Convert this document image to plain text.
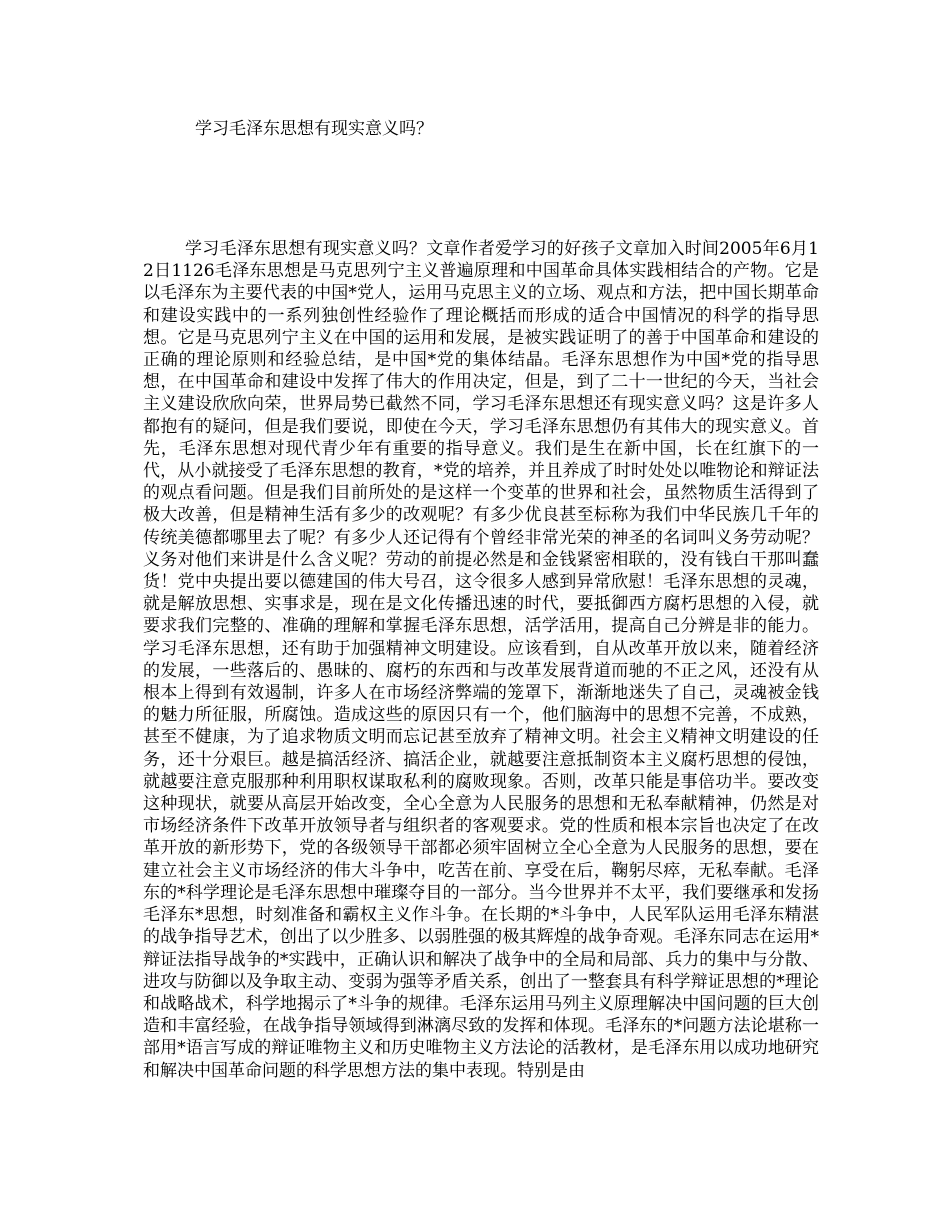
学习毛泽东思想有现实意义吗？

学习毛泽东思想有现实意义吗？文章作者爱学习的好孩子文章加入时间2005年6月12日1126毛泽东思想是马克思列宁主义普遍原理和中国革命具体实践相结合的产物。它是以毛泽东为主要代表的中国*党人，运用马克思主义的立场、观点和方法，把中国长期革命和建设实践中的一系列独创性经验作了理论概括而形成的适合中国情况的科学的指导思想。它是马克思列宁主义在中国的运用和发展，是被实践证明了的善于中国革命和建设的正确的理论原则和经验总结，是中国*党的集体结晶。毛泽东思想作为中国*党的指导思想，在中国革命和建设中发挥了伟大的作用决定，但是，到了二十一世纪的今天，当社会主义建设欣欣向荣，世界局势已截然不同，学习毛泽东思想还有现实意义吗？这是许多人都抱有的疑问，但是我们要说，即使在今天，学习毛泽东思想仍有其伟大的现实意义。首先，毛泽东思想对现代青少年有重要的指导意义。我们是生在新中国，长在红旗下的一代，从小就接受了毛泽东思想的教育，*党的培养，并且养成了时时处处以唯物论和辩证法的观点看问题。但是我们目前所处的是这样一个变革的世界和社会，虽然物质生活得到了极大改善，但是精神生活有多少的改观呢？有多少优良甚至标称为我们中华民族几千年的传统美德都哪里去了呢？有多少人还记得有个曾经非常光荣的神圣的名词叫义务劳动呢？义务对他们来讲是什么含义呢？劳动的前提必然是和金钱紧密相联的，没有钱白干那叫蠢货！党中央提出要以德建国的伟大号召，这令很多人感到异常欣慰！毛泽东思想的灵魂，就是解放思想、实事求是，现在是文化传播迅速的时代，要抵御西方腐朽思想的入侵，就要求我们完整的、准确的理解和掌握毛泽东思想，活学活用，提高自己分辨是非的能力。学习毛泽东思想，还有助于加强精神文明建设。应该看到，自从改革开放以来，随着经济的发展，一些落后的、愚昧的、腐朽的东西和与改革发展背道而驰的不正之风，还没有从根本上得到有效遏制，许多人在市场经济弊端的笼罩下，渐渐地迷失了自己，灵魂被金钱的魅力所征服，所腐蚀。造成这些的原因只有一个，他们脑海中的思想不完善，不成熟，甚至不健康，为了追求物质文明而忘记甚至放弃了精神文明。社会主义精神文明建设的任务，还十分艰巨。越是搞活经济、搞活企业，就越要注意抵制资本主义腐朽思想的侵蚀，就越要注意克服那种利用职权谋取私利的腐败现象。否则，改革只能是事倍功半。要改变这种现状，就要从高层开始改变，全心全意为人民服务的思想和无私奉献精神，仍然是对市场经济条件下改革开放领导者与组织者的客观要求。党的性质和根本宗旨也决定了在改革开放的新形势下，党的各级领导干部都必须牢固树立全心全意为人民服务的思想，要在建立社会主义市场经济的伟大斗争中，吃苦在前、享受在后，鞠躬尽瘁，无私奉献。毛泽东的*科学理论是毛泽东思想中璀璨夺目的一部分。当今世界并不太平，我们要继承和发扬毛泽东*思想，时刻准备和霸权主义作斗争。在长期的*斗争中，人民军队运用毛泽东精湛的战争指导艺术，创出了以少胜多、以弱胜强的极其辉煌的战争奇观。毛泽东同志在运用*辩证法指导战争的*实践中，正确认识和解决了战争中的全局和局部、兵力的集中与分散、进攻与防御以及争取主动、变弱为强等矛盾关系，创出了一整套具有科学辩证思想的*理论和战略战术，科学地揭示了*斗争的规律。毛泽东运用马列主义原理解决中国问题的巨大创造和丰富经验，在战争指导领域得到淋漓尽致的发挥和体现。毛泽东的*问题方法论堪称一部用*语言写成的辩证唯物主义和历史唯物主义方法论的活教材，是毛泽东用以成功地研究和解决中国革命问题的科学思想方法的集中表现。特别是由
